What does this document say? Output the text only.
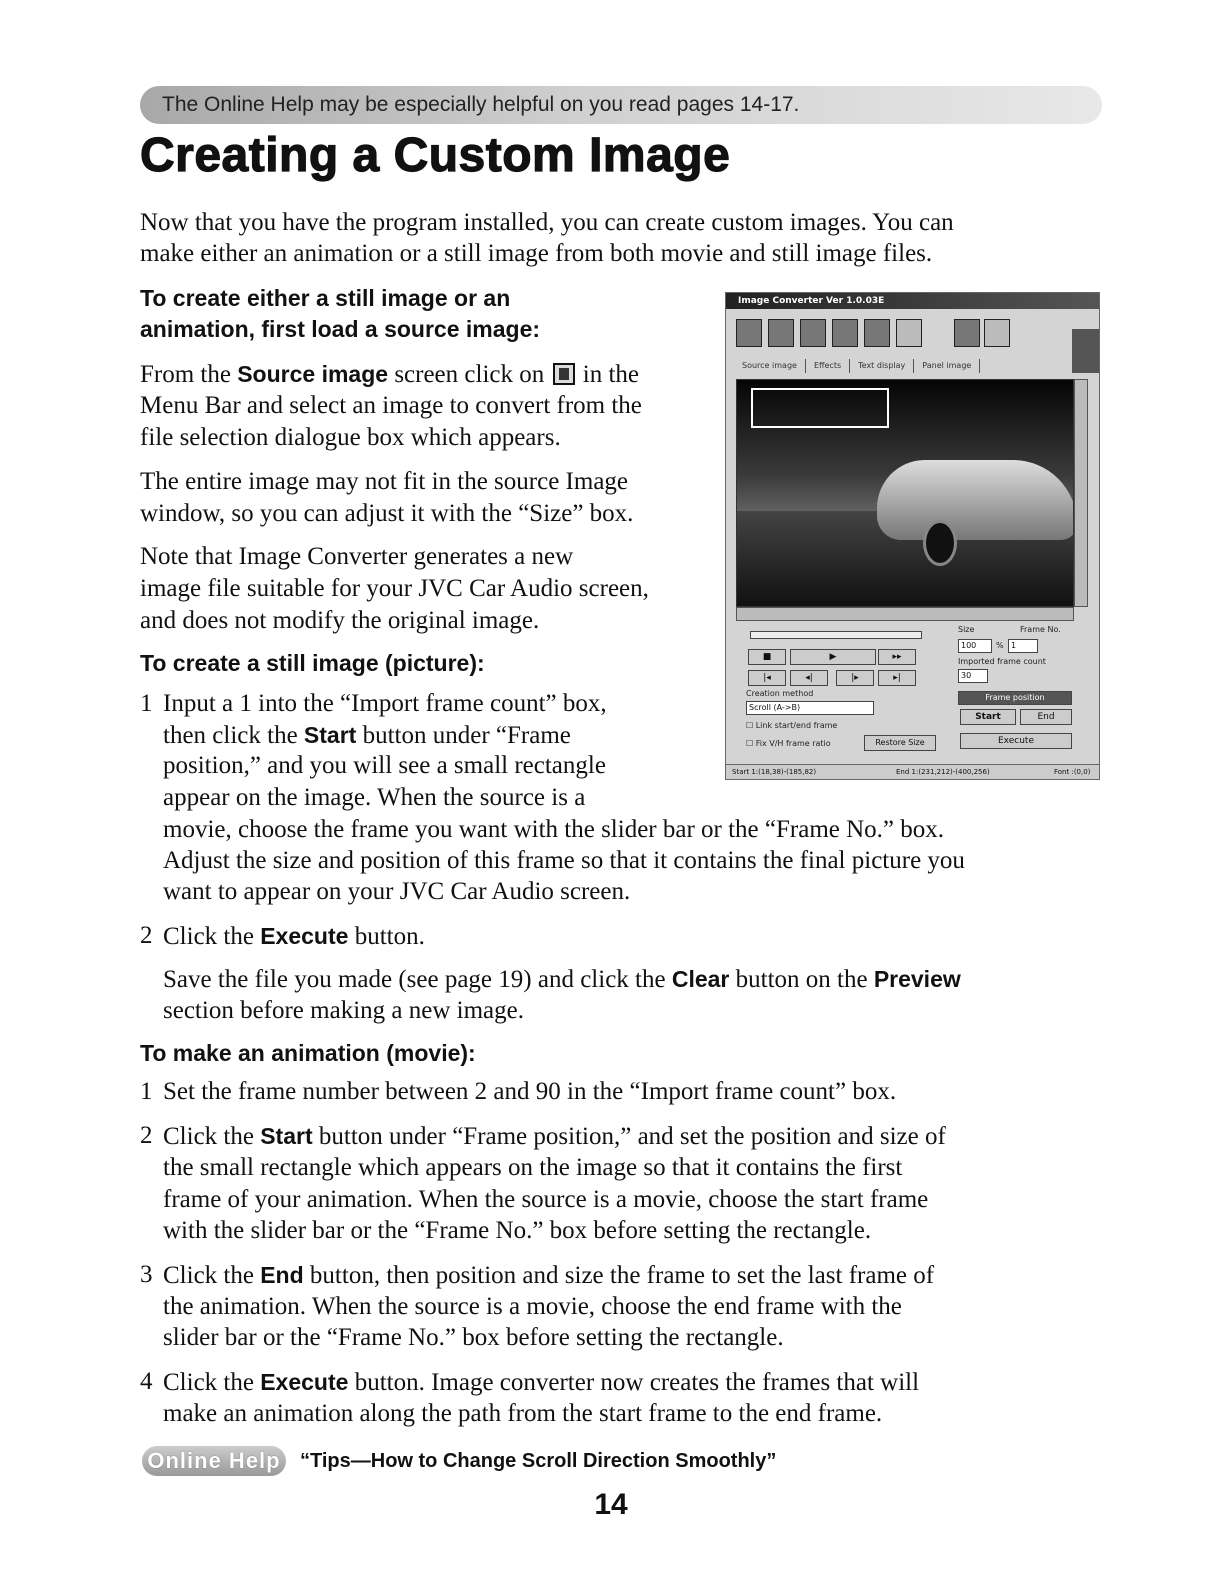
The Online Help may be especially helpful on you read pages 14-17.
Creating a Custom Image

Now that you have the program installed, you can create custom images. You can

make either an animation or a still image from both movie and still image files.

To create either a still image or an

animation, first load a source image:

From the Source image screen click on  in the

Menu Bar and select an image to convert from the

file selection dialogue box which appears.

The entire image may not fit in the source Image

window, so you can adjust it with the “Size” box.

Note that Image Converter generates a new

image file suitable for your JVC Car Audio screen,

and does not modify the original image.

To create a still image (picture):

1 Input a 1 into the “Import frame count” box,

then click the Start button under “Frame

position,” and you will see a small rectangle

appear on the image. When the source is a

movie, choose the frame you want with the slider bar or the “Frame No.” box.

Adjust the size and position of this frame so that it contains the final picture you

want to appear on your JVC Car Audio screen.

2 Click the Execute button.

Save the file you made (see page 19) and click the Clear button on the Preview

section before making a new image.

To make an animation (movie):

1 Set the frame number between 2 and 90 in the “Import frame count” box.

2 Click the Start button under “Frame position,” and set the position and size of

the small rectangle which appears on the image so that it contains the first

frame of your animation. When the source is a movie, choose the start frame

with the slider bar or the “Frame No.” box before setting the rectangle.

3 Click the End button, then position and size the frame to set the last frame of

the animation. When the source is a movie, choose the end frame with the

slider bar or the “Frame No.” box before setting the rectangle.

4 Click the Execute button. Image converter now creates the frames that will

make an animation along the path from the start frame to the end frame.

Image Converter Ver 1.0.03E
Source image Effects Text display Panel image
■	▶	▸▸
|◂	◂|	|▸	▸|
Size
100	%
Frame No.
1
Imported frame count
30
Creation method
Scroll (A->B)
☐ Link start/end frame
☐ Fix V/H frame ratio	Restore Size
Frame position
Start	End
Execute
Start 1:(18,38)-(185,82)	End 1:(231,212)-(400,256)	Font :(0,0)
Online Help “Tips—How to Change Scroll Direction Smoothly”
14
